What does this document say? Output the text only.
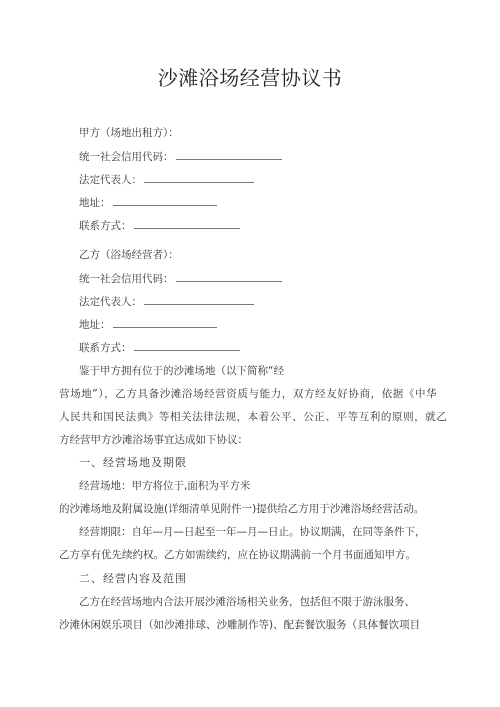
沙滩浴场经营协议书
甲方（场地出租方）：
统一社会信用代码：
法定代表人：
地址：
联系方式：
乙方（浴场经营者）：
统一社会信用代码：
法定代表人：
地址：
联系方式：
鉴于甲方拥有位于的沙滩场地（以下简称“经
营场地”），乙方具备沙滩浴场经营资质与能力，双方经友好协商，依据《中华
人民共和国民法典》等相关法律法规，本着公平、公正、平等互利的原则，就乙
方经营甲方沙滩浴场事宜达成如下协议：
一、经营场地及期限
经营场地：甲方将位于,面积为平方米
的沙滩场地及附属设施(详细清单见附件一)提供给乙方用于沙滩浴场经营活动。
经营期限：自年—月—日起至一年—月—日止。协议期满，在同等条件下，
乙方享有优先续约权。乙方如需续约，应在协议期满前一个月书面通知甲方。
二、经营内容及范围
乙方在经营场地内合法开展沙滩浴场相关业务，包括但不限于游泳服务、
沙滩休闲娱乐项目（如沙滩排球、沙雕制作等)、配套餐饮服务（具体餐饮项目
